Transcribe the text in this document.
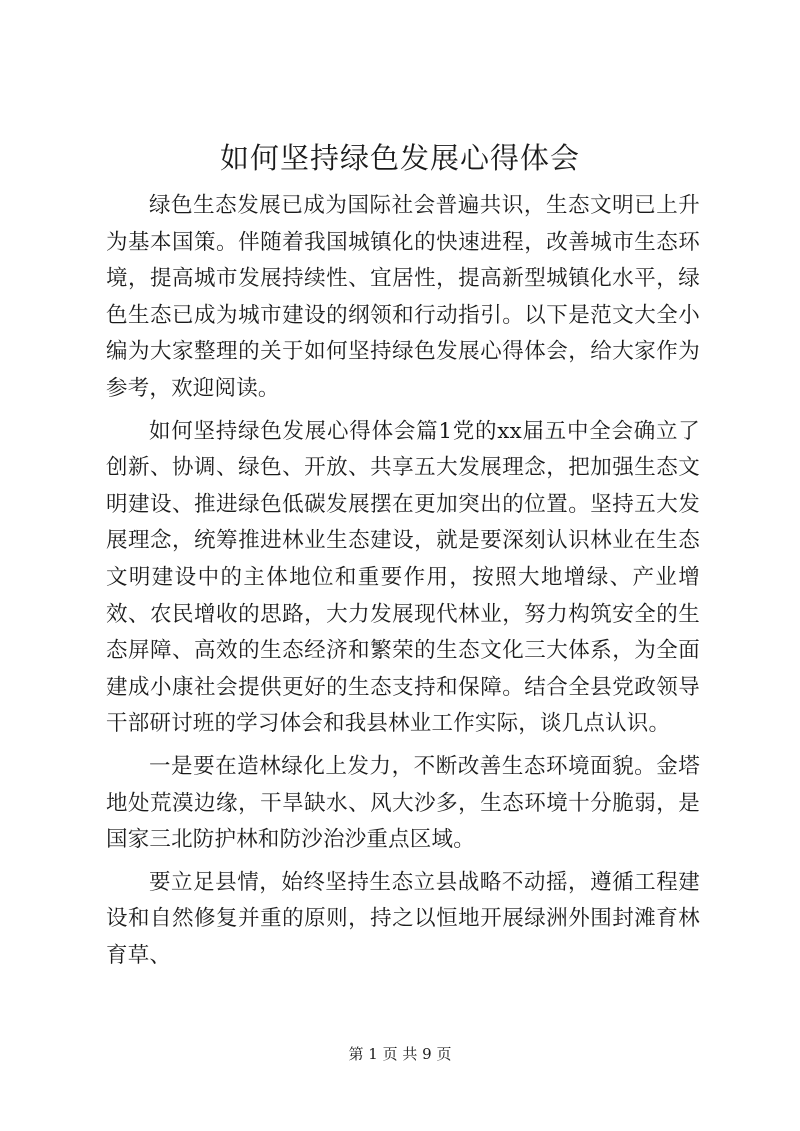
如何坚持绿色发展心得体会

绿色生态发展已成为国际社会普遍共识，生态文明已上升为基本国策。伴随着我国城镇化的快速进程，改善城市生态环境，提高城市发展持续性、宜居性，提高新型城镇化水平，绿色生态已成为城市建设的纲领和行动指引。以下是范文大全小编为大家整理的关于如何坚持绿色发展心得体会，给大家作为参考，欢迎阅读。

如何坚持绿色发展心得体会篇1党的xx届五中全会确立了创新、协调、绿色、开放、共享五大发展理念，把加强生态文明建设、推进绿色低碳发展摆在更加突出的位置。坚持五大发展理念，统筹推进林业生态建设，就是要深刻认识林业在生态文明建设中的主体地位和重要作用，按照大地增绿、产业增效、农民增收的思路，大力发展现代林业，努力构筑安全的生态屏障、高效的生态经济和繁荣的生态文化三大体系，为全面建成小康社会提供更好的生态支持和保障。结合全县党政领导干部研讨班的学习体会和我县林业工作实际，谈几点认识。

一是要在造林绿化上发力，不断改善生态环境面貌。金塔地处荒漠边缘，干旱缺水、风大沙多，生态环境十分脆弱，是国家三北防护林和防沙治沙重点区域。

要立足县情，始终坚持生态立县战略不动摇，遵循工程建设和自然修复并重的原则，持之以恒地开展绿洲外围封滩育林育草、

第 1 页 共 9 页
